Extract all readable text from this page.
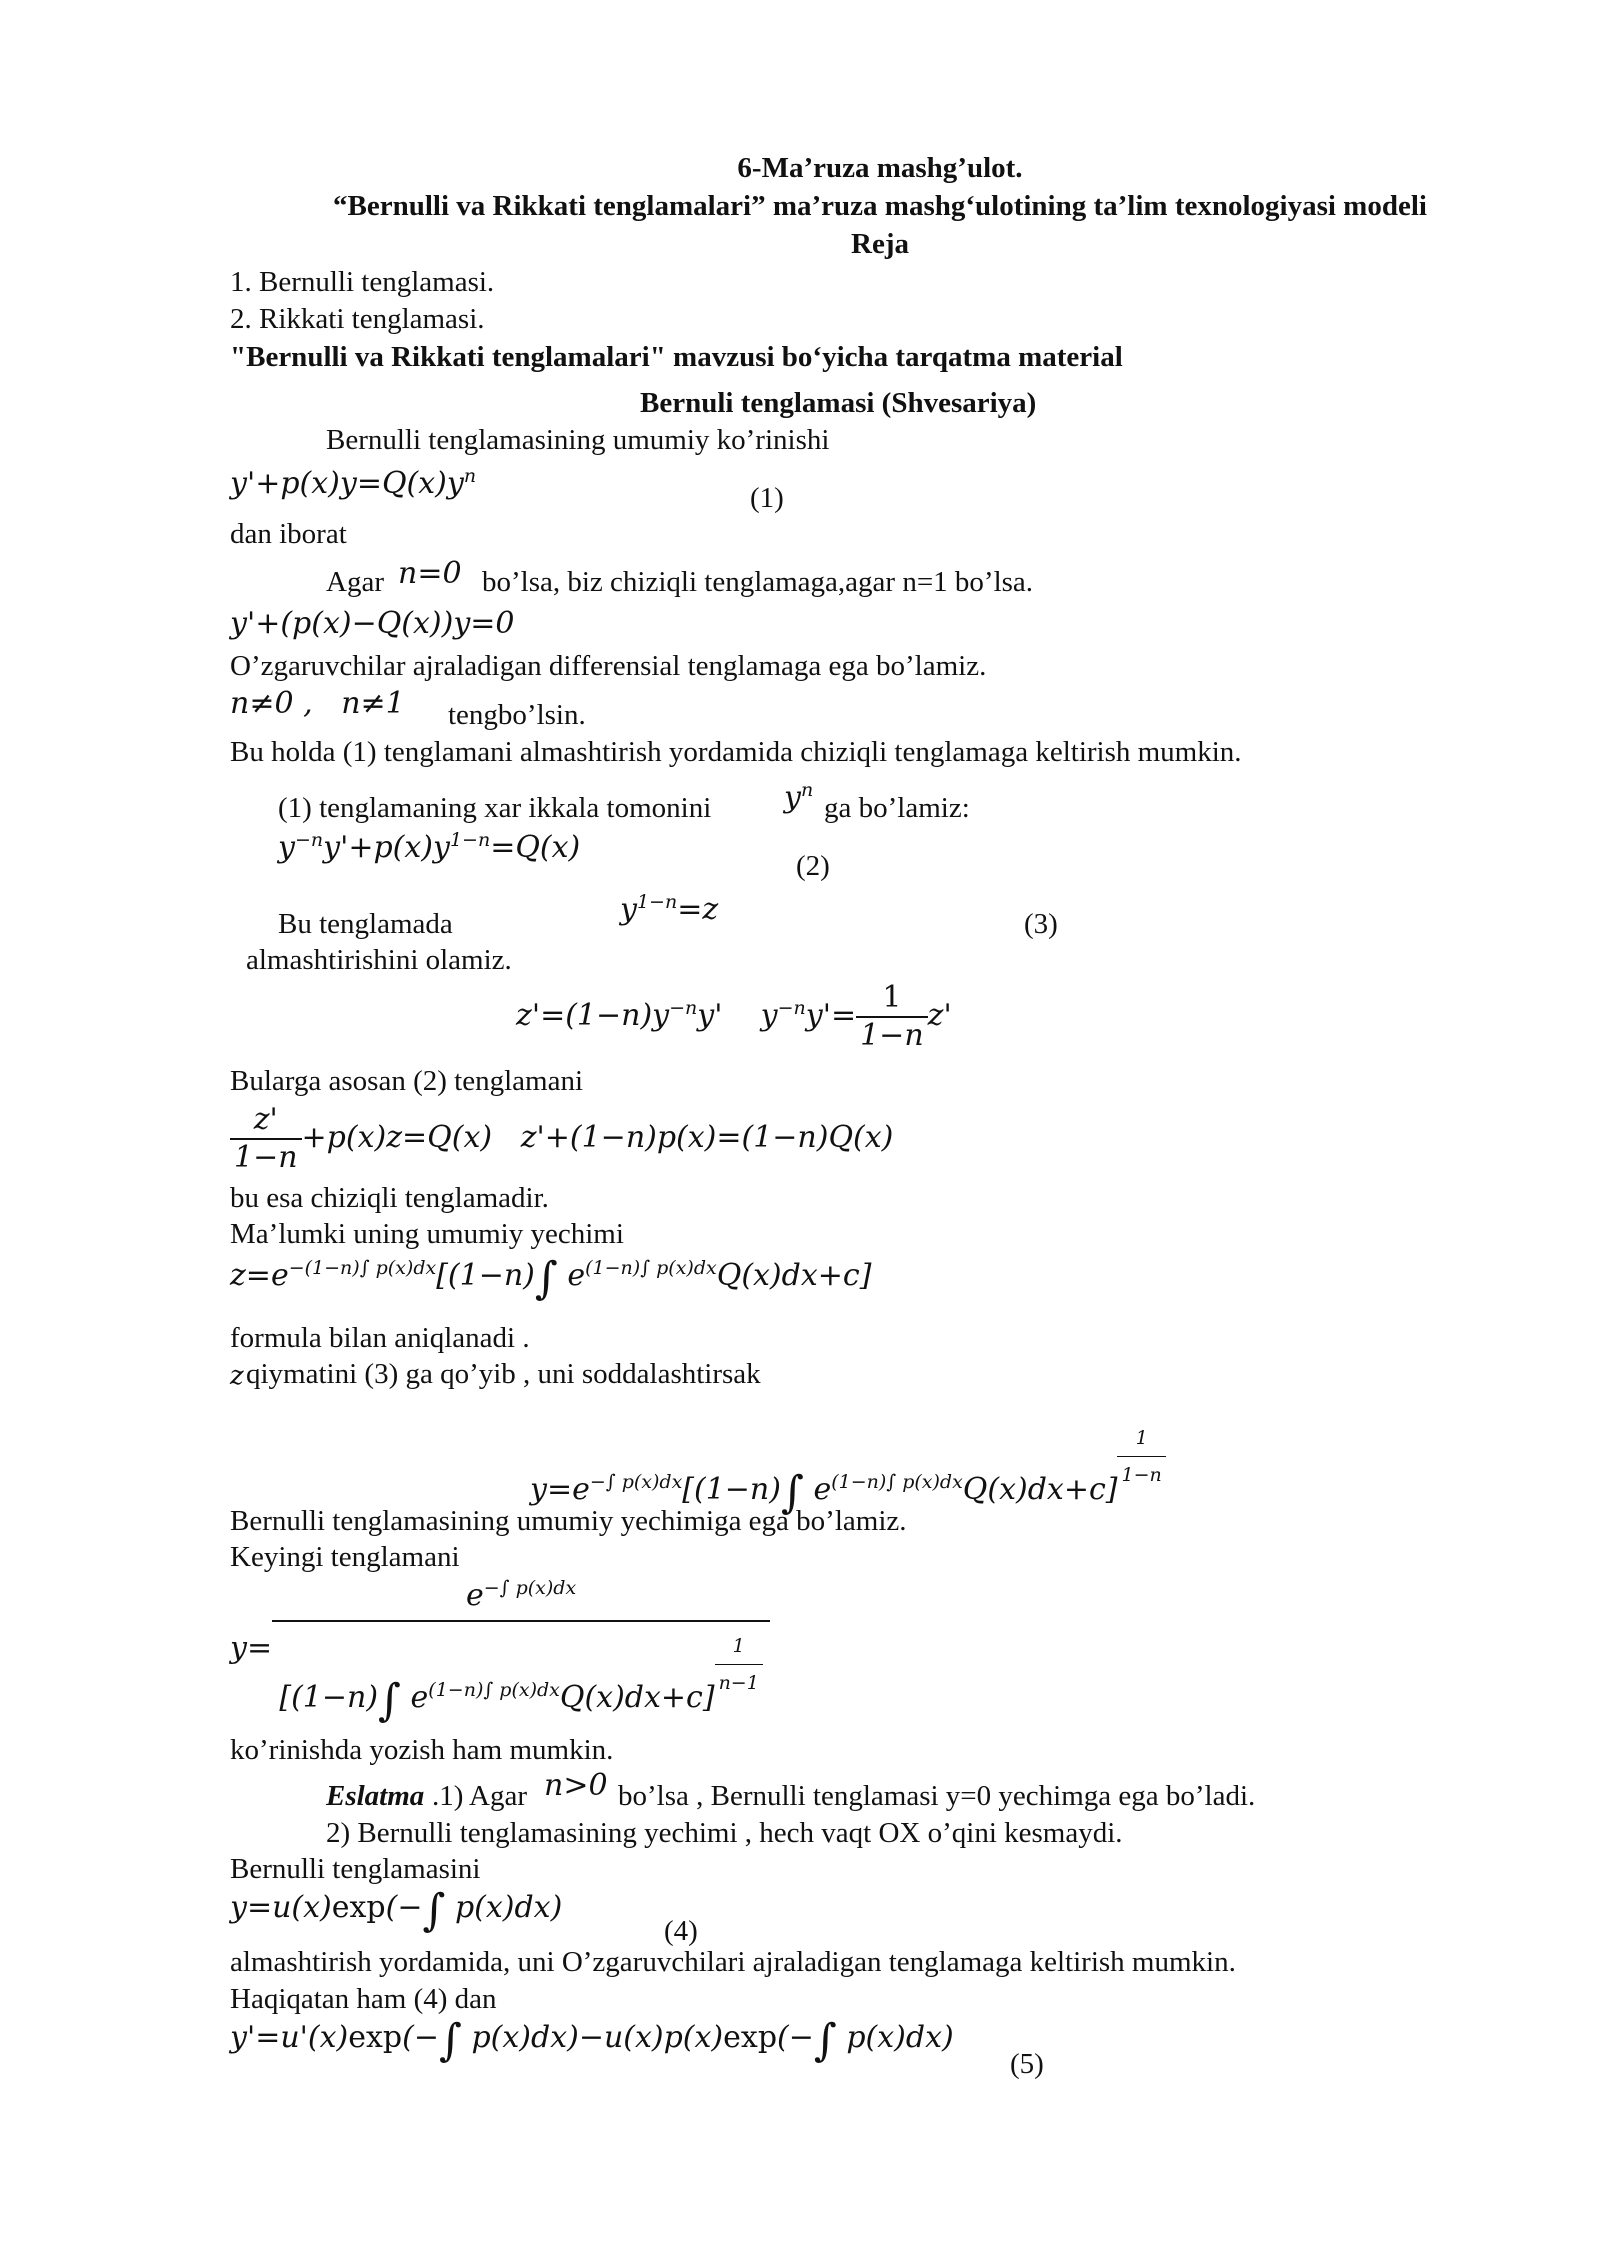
6-Ma’ruza mashg’ulot.
“Bernulli va Rikkati tenglamalari” ma’ruza mashg‘ulotining ta’lim texnologiyasi modeli
Reja
1. Bernulli tenglamasi.
2. Rikkati tenglamasi.
"Bernulli va Rikkati tenglamalari" mavzusi bo‘yicha tarqatma material
Bernuli tenglamasi (Shvesariya)
Bernulli tenglamasining umumiy ko’rinishi
$y'+p(x)y=Q(x)y^n$
(1)
dan iborat
Agar n=0 bo’lsa, biz chiziqli tenglamaga,agar n=1 bo’lsa.
y'+(p(x)−Q(x))y=0
O’zgaruvchilar ajraladigan differensial tenglamaga ega bo’lamiz.
n≠0 ,   n≠1 tengbo’lsin.
Bu holda (1) tenglamani almashtirish yordamida chiziqli tenglamaga keltirish mumkin.
(1) tenglamaning xar ikkala tomonini $y^n$
ga bo’lamiz:
$y^{-n}y'+p(x)y^{1-n}=Q(x)$
(2)
Bu tenglamada	$y^{1-n}=z$	(3)
almashtirishini olamiz.
$z'=(1-n)y^{-n}y'$    $y^{-n}y'= \frac{1}{1-n} z'$
Bularga asosan (2) tenglamani
$\frac{z'}{1-n} +p(x)z=Q(x)$   z'+(1−n)p(x)=(1−n)Q(x)
bu esa chiziqli tenglamadir.
Ma’lumki uning umumiy yechimi
$z=e^{-(1-n)\int p(x)dx}[(1-n)\int$ $e^{(1-n)\int p(x)dx}Q(x)dx+c$]
formula bilan aniqlanadi .
z qiymatini (3) ga qo’yib , uni soddalashtirsak
$y=e^{-\int p(x)dx}[(1-n)\int$ $e^{(1-n)\int p(x)dx}Q(x)dx+c] \frac{1}{1-n}$
Bernulli tenglamasining umumiy yechimiga ega bo’lamiz.
Keyingi tenglamani
$y= \frac{e^{-\int p(x)dx}}{[(1-n)\int e^{(1-n)\int p(x)dx}Q(x)dx+c] \frac{1}{n-1}}$
ko’rinishda yozish ham mumkin.
Eslatma .1) Agar n>0 bo’lsa , Bernulli tenglamasi y=0 yechimga ega bo’ladi.
2) Bernulli tenglamasining yechimi , hech vaqt OX o’qini kesmaydi.
Bernulli tenglamasini
y=u(x)exp(−∫ p(x)dx)
(4)
almashtirish yordamida, uni O’zgaruvchilari ajraladigan tenglamaga keltirish mumkin.
Haqiqatan ham (4) dan
y'=u'(x)exp(−∫ p(x)dx)−u(x)p(x)exp(−∫ p(x)dx)
(5)
